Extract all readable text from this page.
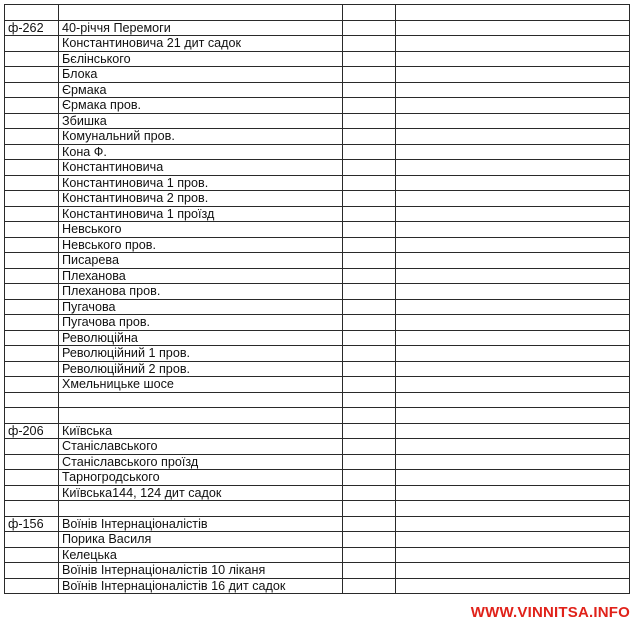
ф-262	40-річчя Перемоги		
	Константиновича 21 дит садок		
	Бєлінського		
	Блока		
	Єрмака		
	Єрмака пров.		
	Збишка		
	Комунальний пров.		
	Кона Ф.		
	Константиновича		
	Константиновича 1 пров.		
	Константиновича 2 пров.		
	Константиновича 1 проїзд		
	Невського		
	Невського пров.		
	Писарева		
	Плеханова		
	Плеханова пров.		
	Пугачова		
	Пугачова пров.		
	Революційна		
	Революційний 1 пров.		
	Революційний 2 пров.		
	Хмельницьке шосе		

ф-206	Київська		
	Станіславського		
	Станіславського проїзд		
	Тарногродського		
	Київська144, 124 дит садок		

ф-156	Воїнів Інтернаціоналістів		
	Порика Василя		
	Келецька		
	Воїнів Інтернаціоналістів 10 ліканя		
	Воїнів Інтернаціоналістів 16 дит садок		
WWW.VINNITSA.INFO
